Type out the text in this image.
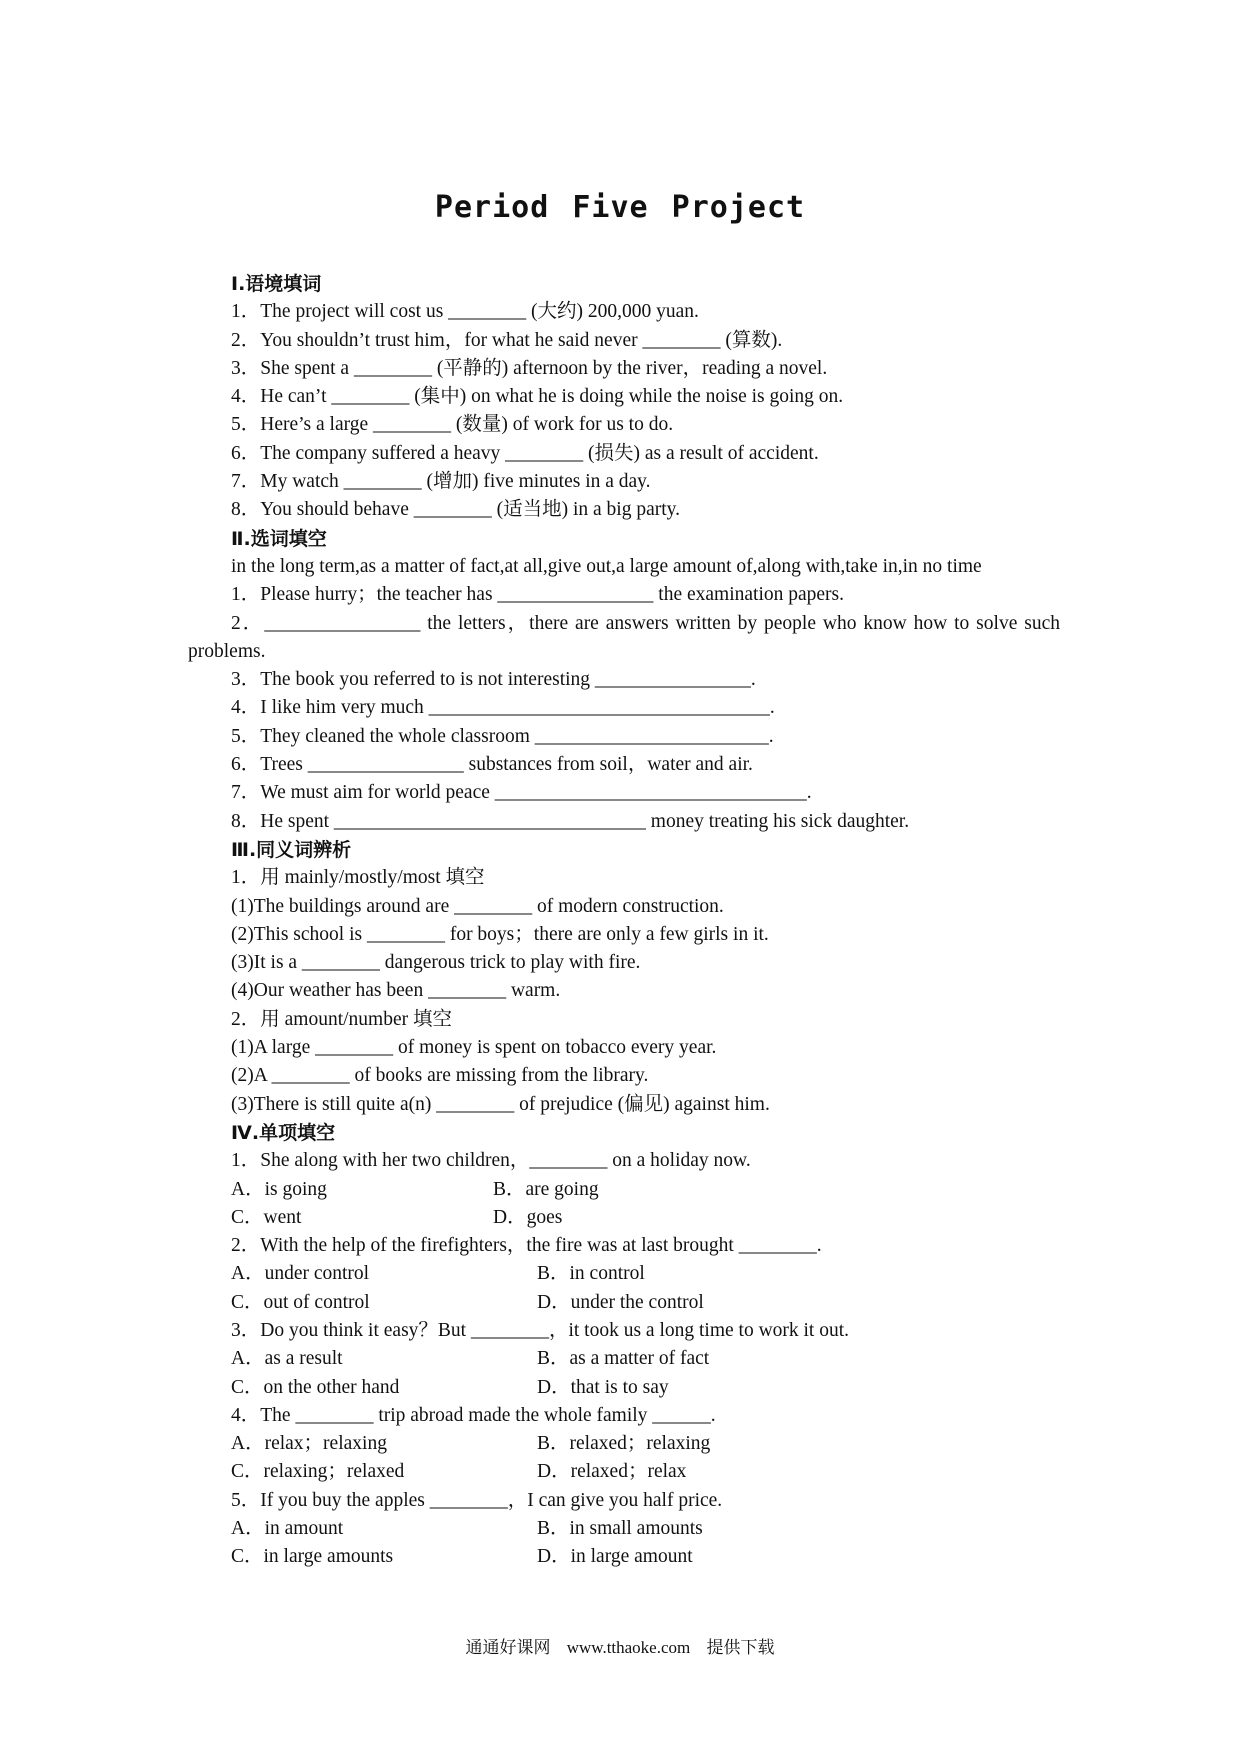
Period Five Project

Ⅰ.语境填词

1．The project will cost us ________ (大约) 200,000 yuan.

2．You shouldn’t trust him，for what he said never ________ (算数).

3．She spent a ________ (平静的) afternoon by the river，reading a novel.

4．He can’t ________ (集中) on what he is doing while the noise is going on.

5．Here’s a large ________ (数量) of work for us to do.

6．The company suffered a heavy ________ (损失) as a result of accident.

7．My watch ________ (增加) five minutes in a day.

8．You should behave ________ (适当地) in a big party.

Ⅱ.选词填空

in the long term,as a matter of fact,at all,give out,a large amount of,along with,take in,in no time

1．Please hurry；the teacher has ________________ the examination papers.

2．________________ the letters，there are answers written by people who know how to solve such problems.

3．The book you referred to is not interesting ________________.

4．I like him very much ___________________________________.

5．They cleaned the whole classroom ________________________.

6．Trees ________________ substances from soil，water and air.

7．We must aim for world peace ________________________________.

8．He spent ________________________________ money treating his sick daughter.

Ⅲ.同义词辨析

1．用 mainly/mostly/most 填空

(1)The buildings around are ________ of modern construction.

(2)This school is ________ for boys；there are only a few girls in it.

(3)It is a ________ dangerous trick to play with fire.

(4)Our weather has been ________ warm.

2．用 amount/number 填空

(1)A large ________ of money is spent on tobacco every year.

(2)A ________ of books are missing from the library.

(3)There is still quite a(n) ________ of prejudice (偏见) against him.

Ⅳ.单项填空

1．She along with her two children，________ on a holiday now.

A．is going	B．are going
C．went	D．goes

2．With the help of the firefighters，the fire was at last brought ________.

A．under control	B．in control
C．out of control	D．under the control

3．Do you think it easy？But ________，it took us a long time to work it out.

A．as a result	B．as a matter of fact
C．on the other hand	D．that is to say

4．The ________ trip abroad made the whole family ______.

A．relax；relaxing	B．relaxed；relaxing
C．relaxing；relaxed	D．relaxed；relax

5．If you buy the apples ________，I can give you half price.

A．in amount	B．in small amounts
C．in large amounts	D．in large amount
通通好课网 www.tthaoke.com 提供下载
